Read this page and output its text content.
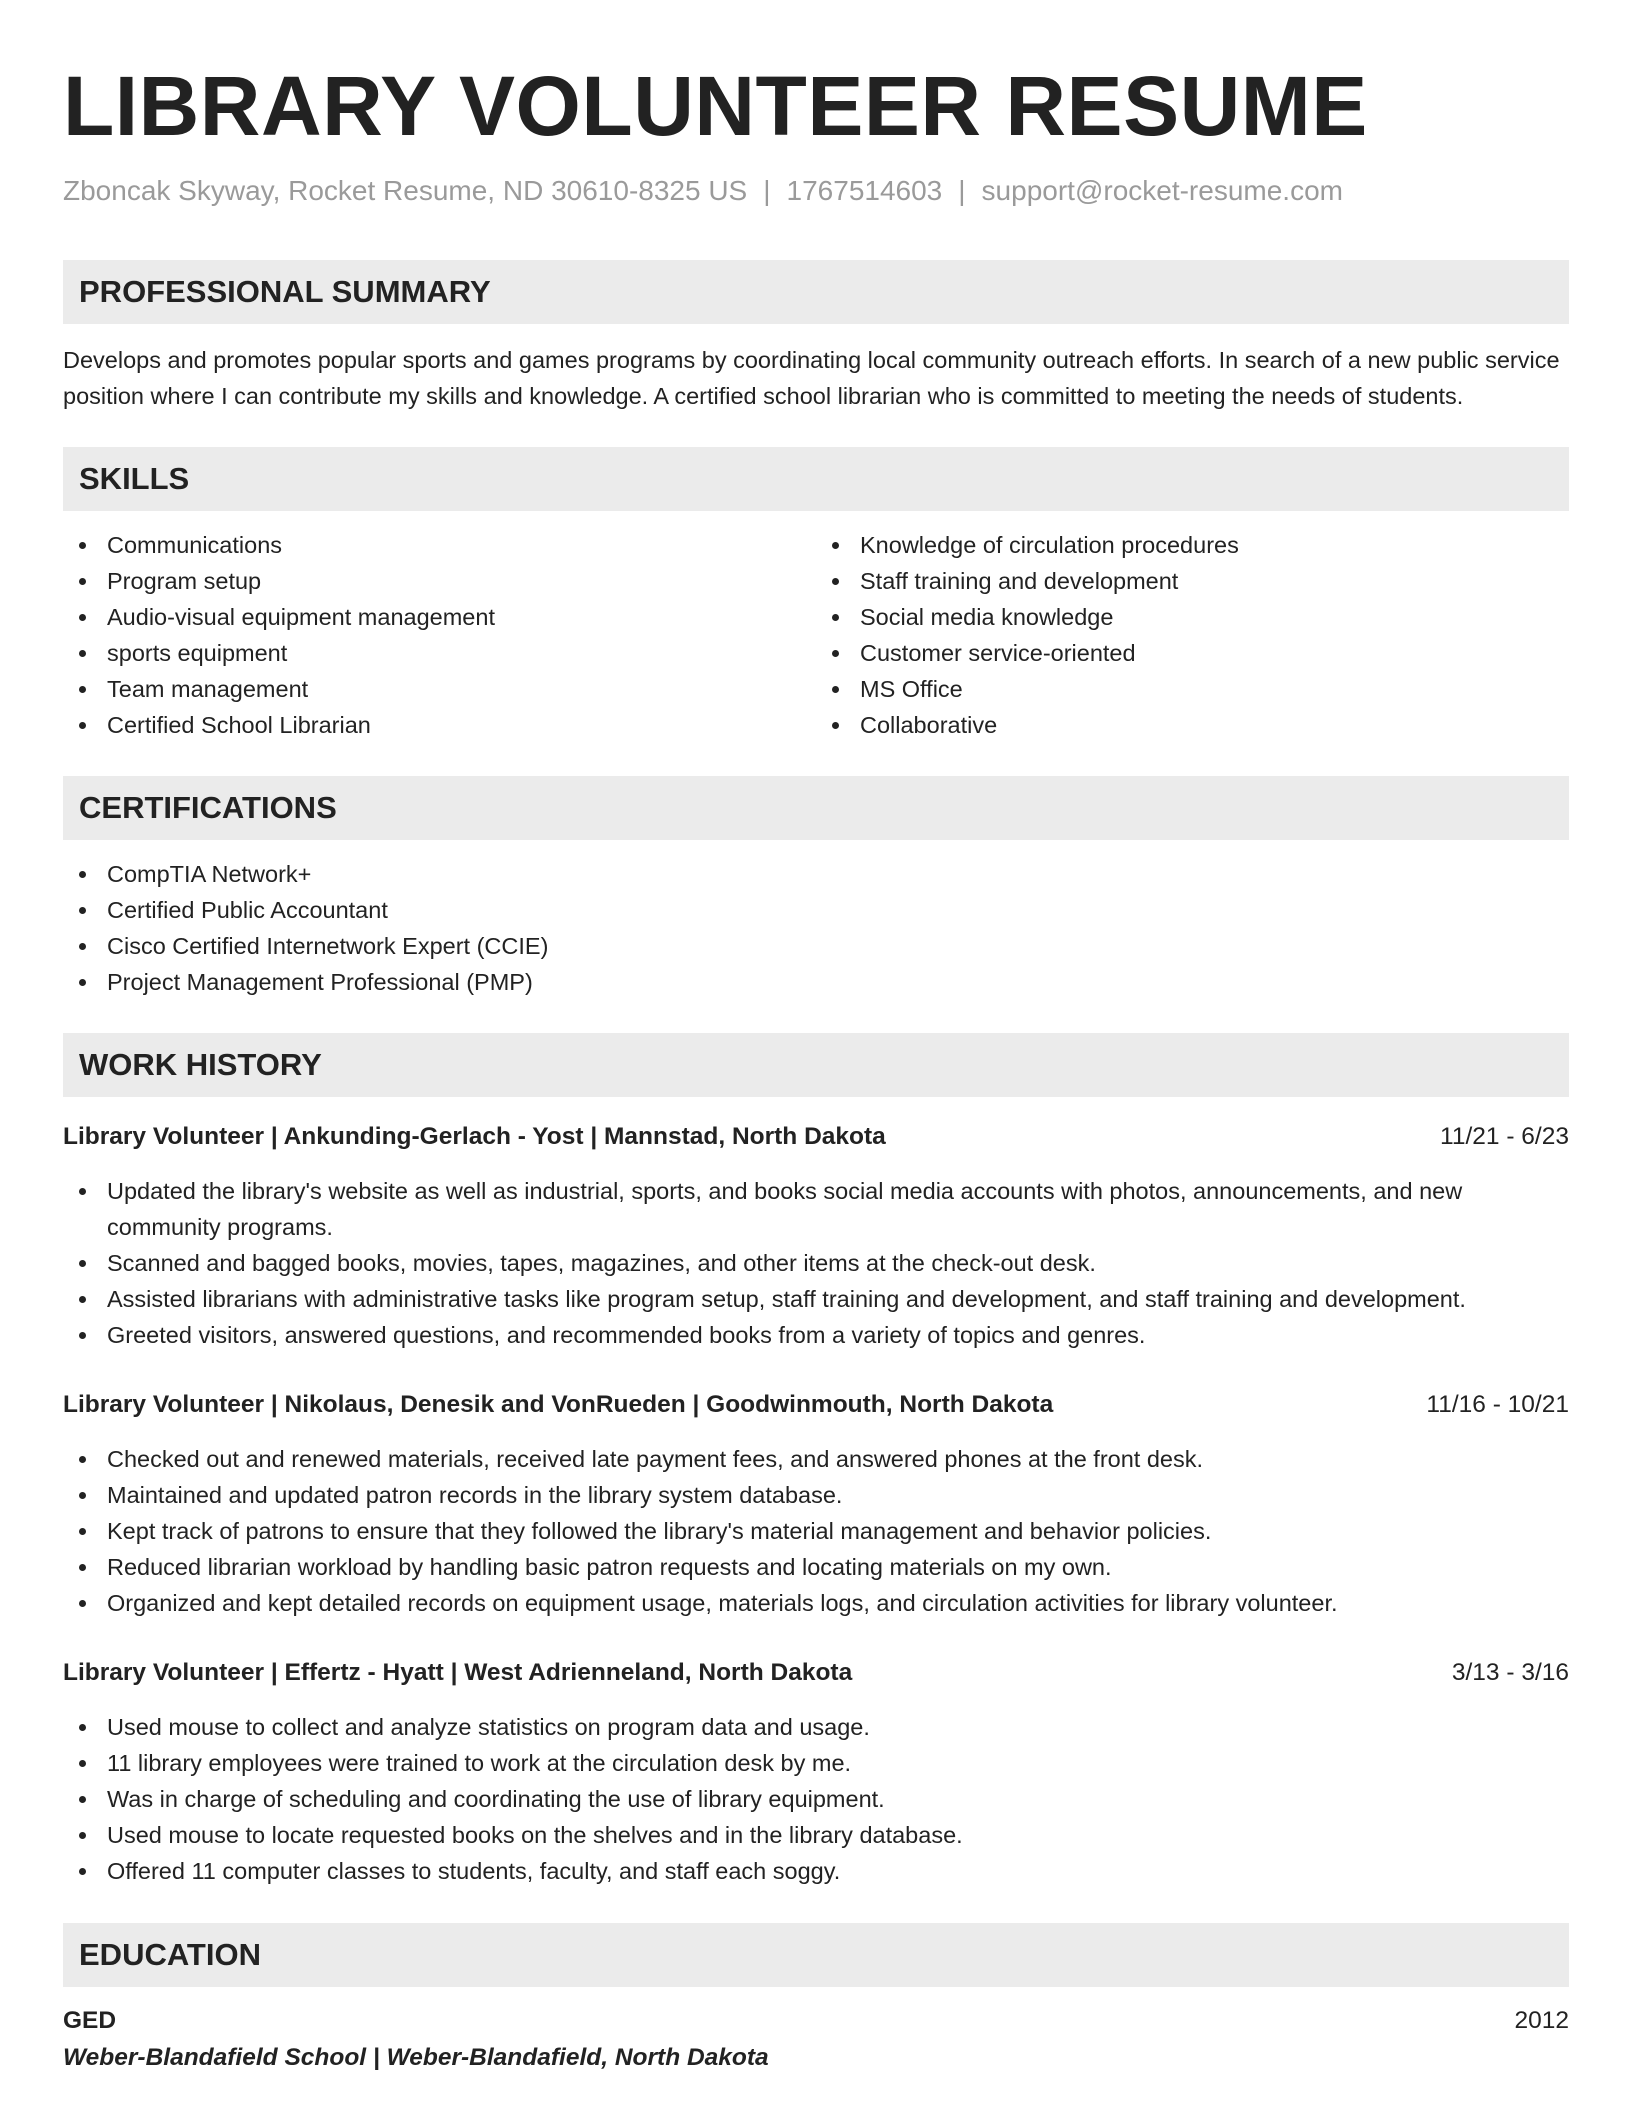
LIBRARY VOLUNTEER RESUME
Zboncak Skyway, Rocket Resume, ND 30610-8325 US | 1767514603 | support@rocket-resume.com
PROFESSIONAL SUMMARY

Develops and promotes popular sports and games programs by coordinating local community outreach efforts. In search of a new public service position where I can contribute my skills and knowledge. A certified school librarian who is committed to meeting the needs of students.

SKILLS
Communications
Program setup
Audio-visual equipment management
sports equipment
Team management
Certified School Librarian
Knowledge of circulation procedures
Staff training and development
Social media knowledge
Customer service-oriented
MS Office
Collaborative
CERTIFICATIONS
CompTIA Network+
Certified Public Accountant
Cisco Certified Internetwork Expert (CCIE)
Project Management Professional (PMP)
WORK HISTORY
Library Volunteer | Ankunding-Gerlach - Yost | Mannstad, North Dakota	11/21 - 6/23
Updated the library's website as well as industrial, sports, and books social media accounts with photos, announcements, and new community programs.
Scanned and bagged books, movies, tapes, magazines, and other items at the check-out desk.
Assisted librarians with administrative tasks like program setup, staff training and development, and staff training and development.
Greeted visitors, answered questions, and recommended books from a variety of topics and genres.
Library Volunteer | Nikolaus, Denesik and VonRueden | Goodwinmouth, North Dakota	11/16 - 10/21
Checked out and renewed materials, received late payment fees, and answered phones at the front desk.
Maintained and updated patron records in the library system database.
Kept track of patrons to ensure that they followed the library's material management and behavior policies.
Reduced librarian workload by handling basic patron requests and locating materials on my own.
Organized and kept detailed records on equipment usage, materials logs, and circulation activities for library volunteer.
Library Volunteer | Effertz - Hyatt | West Adrienneland, North Dakota	3/13 - 3/16
Used mouse to collect and analyze statistics on program data and usage.
11 library employees were trained to work at the circulation desk by me.
Was in charge of scheduling and coordinating the use of library equipment.
Used mouse to locate requested books on the shelves and in the library database.
Offered 11 computer classes to students, faculty, and staff each soggy.
EDUCATION
GED	2012
Weber-Blandafield School | Weber-Blandafield, North Dakota
